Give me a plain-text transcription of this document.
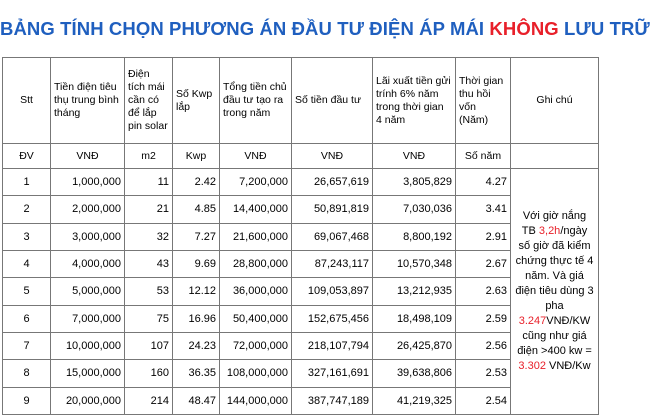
BẢNG TÍNH CHỌN PHƯƠNG ÁN ĐẦU TƯ ĐIỆN ÁP MÁI KHÔNG LƯU TRỮ
Stt	Tiền điện tiêu thụ trung bình tháng	Điện tích mái cần có để lắp pin solar	Số Kwp lắp	Tổng tiền chủ đầu tư tạo ra trong năm	Số tiền đầu tư	Lãi xuất tiền gửi trính 6% năm trong thời gian 4 năm	Thời gian thu hồi vốn (Năm)	Ghi chú
ĐV	VNĐ	m2	Kwp	VNĐ	VNĐ	VNĐ	Số năm	
1	1,000,000	11	2.42	7,200,000	26,657,619	3,805,829	4.27	Với giờ nắng TB 3,2h/ngày số giờ đã kiểm chứng thực tế 4 năm. Và giá điện tiêu dùng 3 pha 3.247VNĐ/KW cũng như giá điện >400 kw = 3.302 VNĐ/Kw
2	2,000,000	21	4.85	14,400,000	50,891,819	7,030,036	3.41	
3	3,000,000	32	7.27	21,600,000	69,067,468	8,800,192	2.91	
4	4,000,000	43	9.69	28,800,000	87,243,117	10,570,348	2.67	
5	5,000,000	53	12.12	36,000,000	109,053,897	13,212,935	2.63	
6	7,000,000	75	16.96	50,400,000	152,675,456	18,498,109	2.59	
7	10,000,000	107	24.23	72,000,000	218,107,794	26,425,870	2.56	
8	15,000,000	160	36.35	108,000,000	327,161,691	39,638,806	2.53	
9	20,000,000	214	48.47	144,000,000	387,747,189	41,219,325	2.54	
